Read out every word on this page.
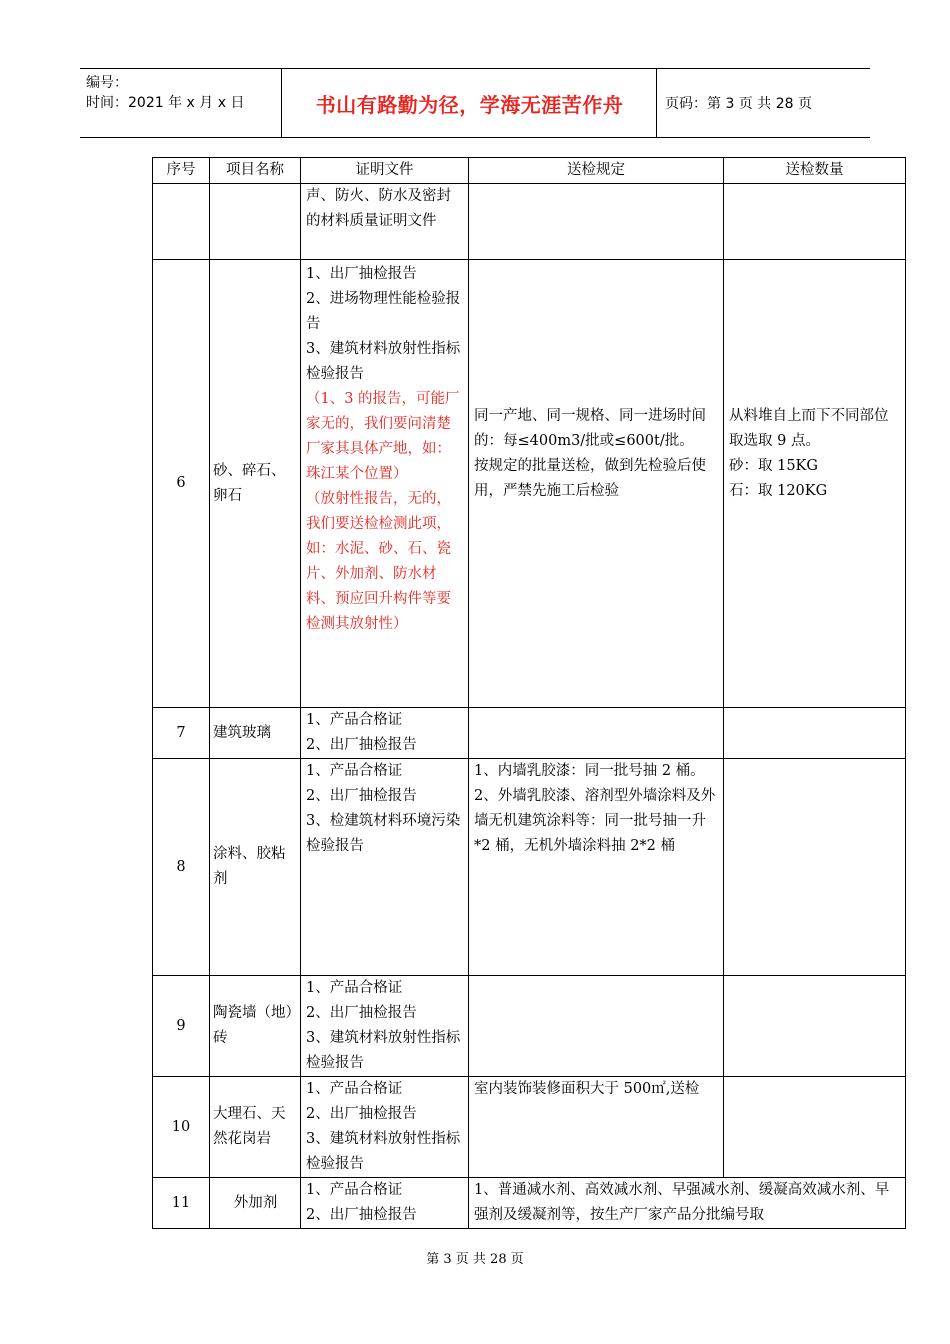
编号：
时间：2021 年 x 月 x 日	书山有路勤为径，学海无涯苦作舟	页码：第 3 页 共 28 页
序号	项目名称	证明文件	送检规定	送检数量

		声、防火、防水及密封的材料质量证明文件		

6	砂、碎石、卵石	1、出厂抽检报告
2、进场物理性能检验报告
3、建筑材料放射性指标检验报告
（1、3 的报告，可能厂家无的，我们要问清楚厂家其具体产地，如：珠江某个位置）
（放射性报告，无的，我们要送检检测此项，如：水泥、砂、石、瓷片、外加剂、防水材料、预应回升构件等要检测其放射性）	同一产地、同一规格、同一进场时间的：每≤400m3/批或≤600t/批。
按规定的批量送检，做到先检验后使用，严禁先施工后检验	从料堆自上而下不同部位取选取 9 点。
砂：取 15KG
石：取 120KG

7	建筑玻璃	1、产品合格证
2、出厂抽检报告		

8	涂料、胶粘剂	1、产品合格证
2、出厂抽检报告
3、检建筑材料环境污染检验报告	1、内墙乳胶漆：同一批号抽 2 桶。
2、外墙乳胶漆、溶剂型外墙涂料及外墙无机建筑涂料等：同一批号抽一升*2 桶，无机外墙涂料抽 2*2 桶	

9	陶瓷墙（地）砖	1、产品合格证
2、出厂抽检报告
3、建筑材料放射性指标检验报告		

10	大理石、天然花岗岩	1、产品合格证
2、出厂抽检报告
3、建筑材料放射性指标检验报告	室内装饰装修面积大于 500㎡,送检	

11	外加剂	1、产品合格证
2、出厂抽检报告	1、普通减水剂、高效减水剂、早强减水剂、缓凝高效减水剂、早强剂及缓凝剂等，按生产厂家产品分批编号取	
第 3 页 共 28 页
